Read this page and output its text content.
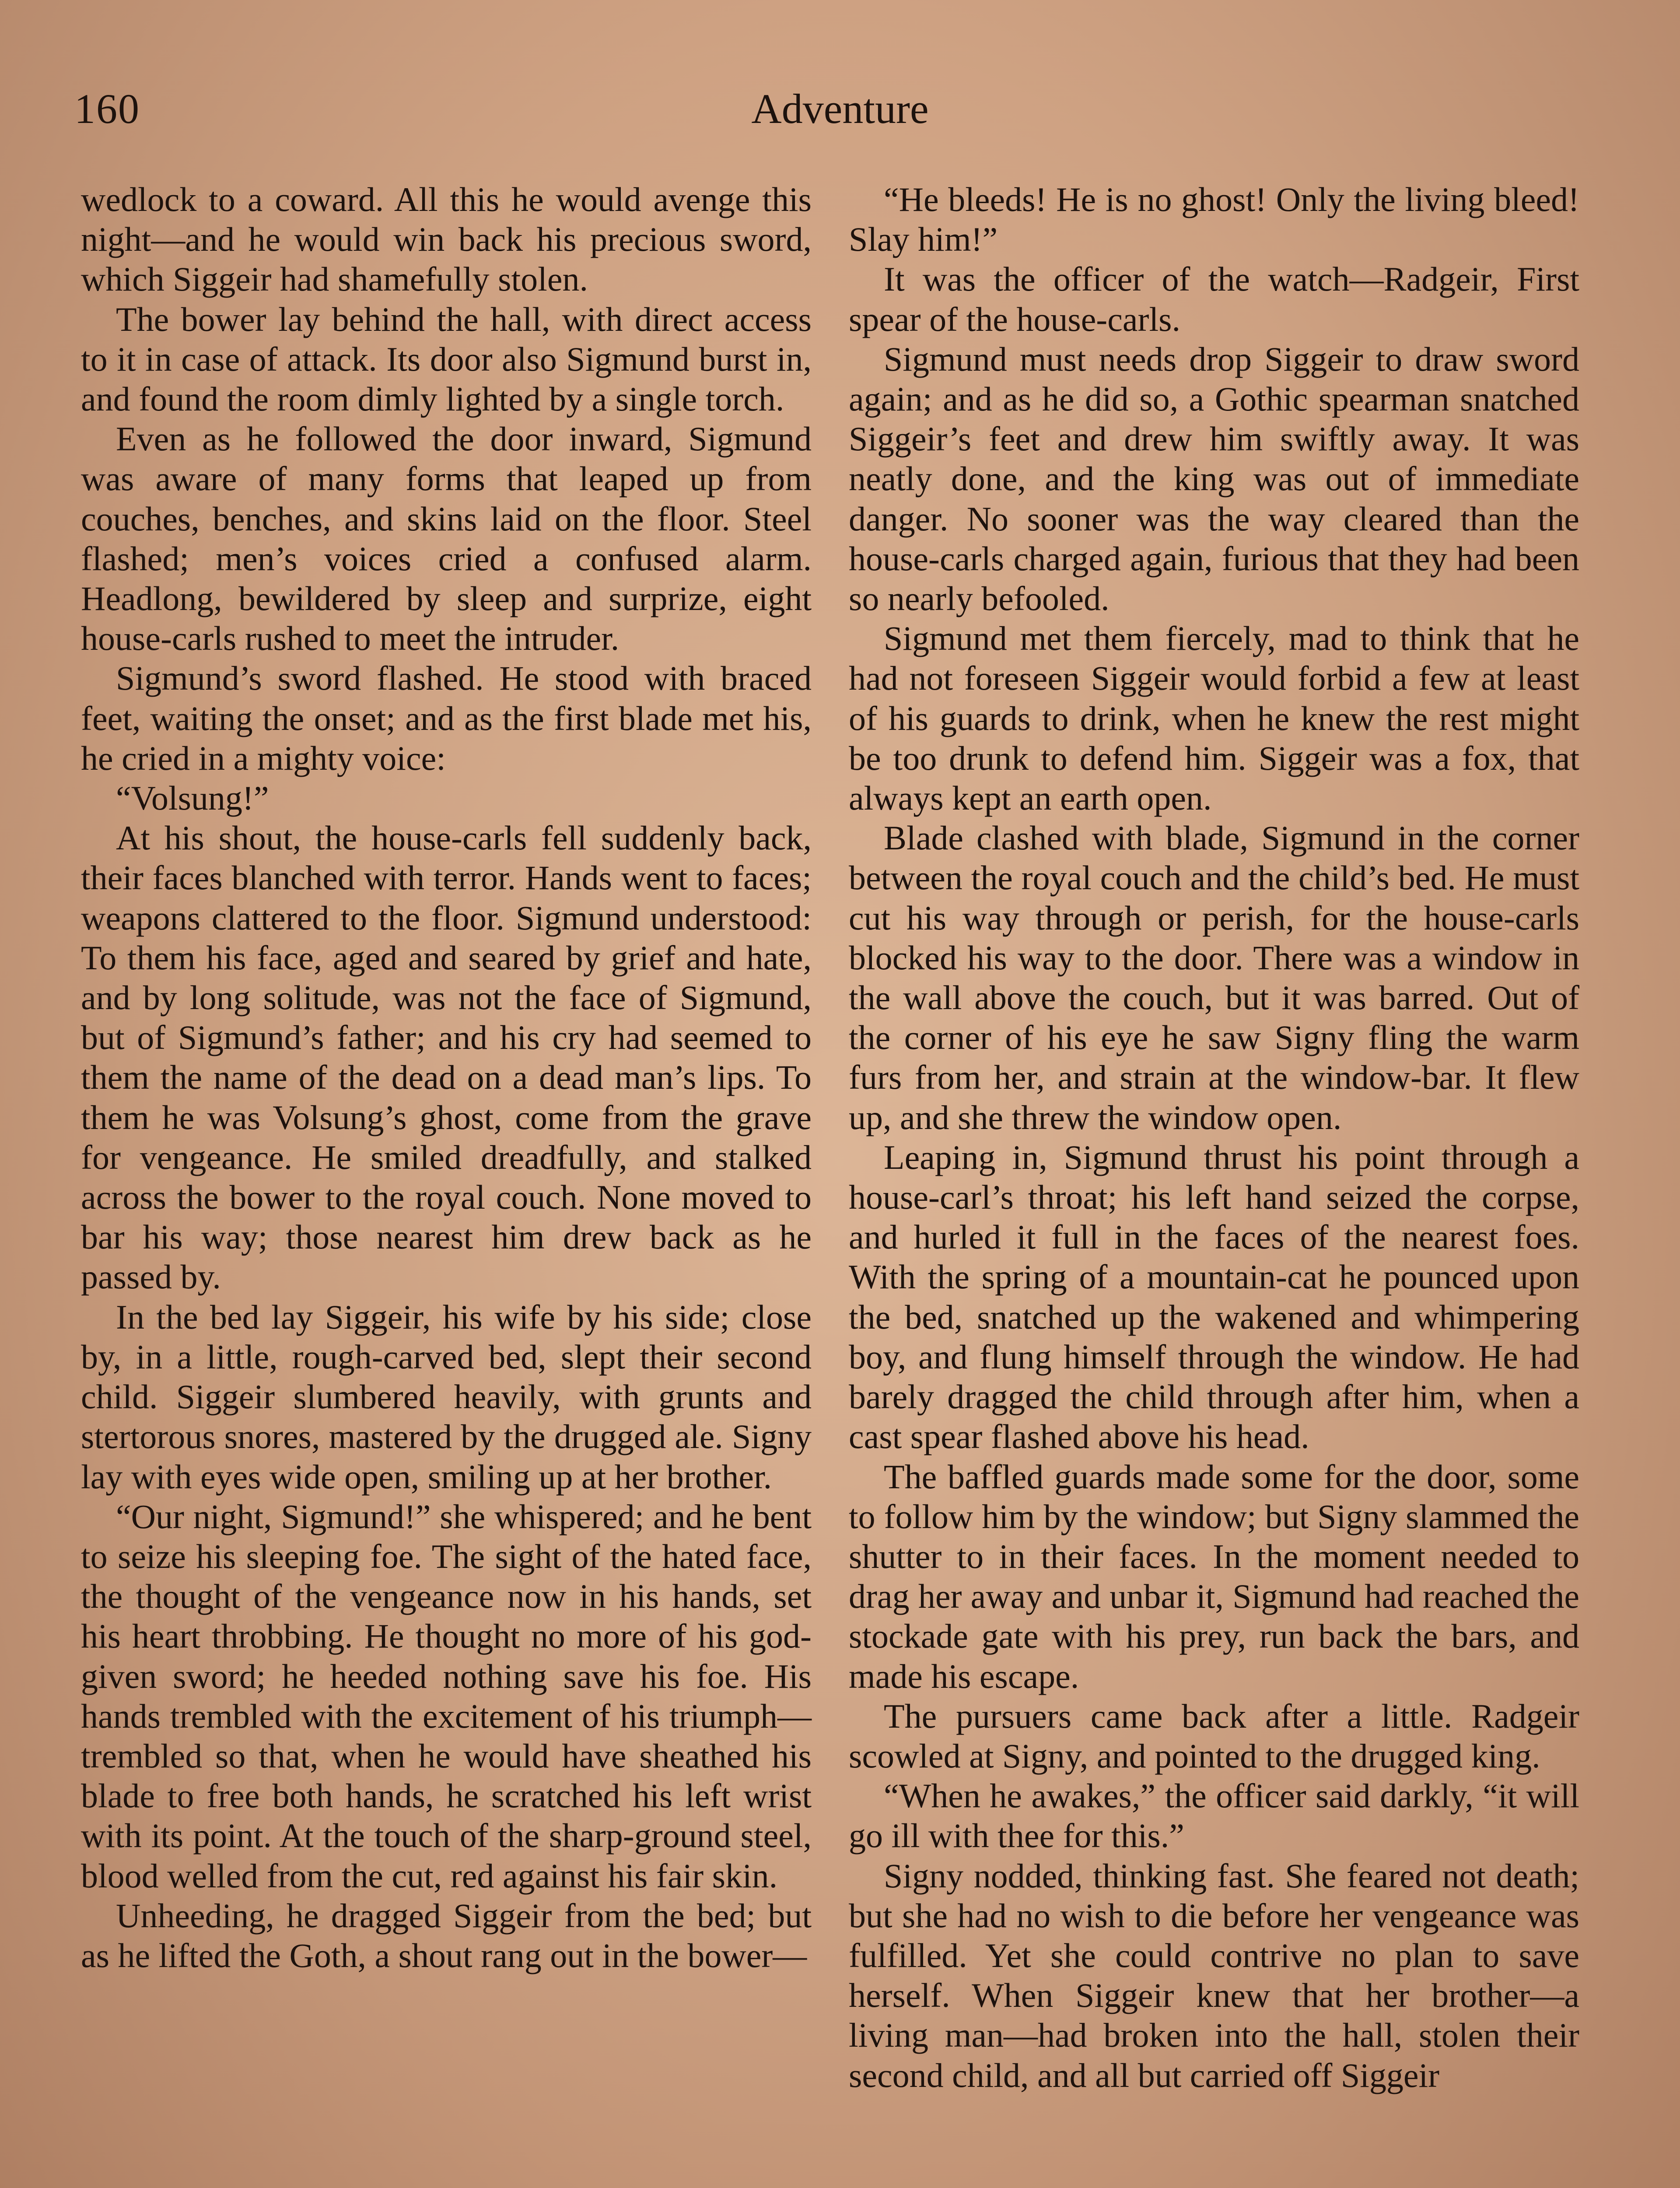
160	Adventure

wedlock to a coward. All this he would avenge this night—and he would win back his precious sword, which Siggeir had shamefully stolen.

The bower lay behind the hall, with direct access to it in case of attack. Its door also Sigmund burst in, and found the room dimly lighted by a single torch.

Even as he followed the door inward, Sigmund was aware of many forms that leaped up from couches, benches, and skins laid on the floor. Steel flashed; men’s voices cried a confused alarm. Headlong, bewildered by sleep and surprize, eight house-carls rushed to meet the intruder.

Sigmund’s sword flashed. He stood with braced feet, waiting the onset; and as the first blade met his, he cried in a mighty voice:

“Volsung!”

At his shout, the house-carls fell suddenly back, their faces blanched with terror. Hands went to faces; weapons clattered to the floor. Sigmund understood: To them his face, aged and seared by grief and hate, and by long solitude, was not the face of Sigmund, but of Sigmund’s father; and his cry had seemed to them the name of the dead on a dead man’s lips. To them he was Volsung’s ghost, come from the grave for vengeance. He smiled dreadfully, and stalked across the bower to the royal couch. None moved to bar his way; those nearest him drew back as he passed by.

In the bed lay Siggeir, his wife by his side; close by, in a little, rough-carved bed, slept their second child. Siggeir slumbered heavily, with grunts and stertorous snores, mastered by the drugged ale. Signy lay with eyes wide open, smiling up at her brother.

“Our night, Sigmund!” she whispered; and he bent to seize his sleeping foe. The sight of the hated face, the thought of the vengeance now in his hands, set his heart throbbing. He thought no more of his god-given sword; he heeded nothing save his foe. His hands trembled with the excitement of his triumph—trembled so that, when he would have sheathed his blade to free both hands, he scratched his left wrist with its point. At the touch of the sharp-ground steel, blood welled from the cut, red against his fair skin.

Unheeding, he dragged Siggeir from the bed; but as he lifted the Goth, a shout rang out in the bower—

“He bleeds! He is no ghost! Only the living bleed! Slay him!”

It was the officer of the watch—Radgeir, First spear of the house-carls.

Sigmund must needs drop Siggeir to draw sword again; and as he did so, a Gothic spearman snatched Siggeir’s feet and drew him swiftly away. It was neatly done, and the king was out of immediate danger. No sooner was the way cleared than the house-carls charged again, furious that they had been so nearly befooled.

Sigmund met them fiercely, mad to think that he had not foreseen Siggeir would forbid a few at least of his guards to drink, when he knew the rest might be too drunk to defend him. Siggeir was a fox, that always kept an earth open.

Blade clashed with blade, Sigmund in the corner between the royal couch and the child’s bed. He must cut his way through or perish, for the house-carls blocked his way to the door. There was a window in the wall above the couch, but it was barred. Out of the corner of his eye he saw Signy fling the warm furs from her, and strain at the window-bar. It flew up, and she threw the window open.

Leaping in, Sigmund thrust his point through a house-carl’s throat; his left hand seized the corpse, and hurled it full in the faces of the nearest foes. With the spring of a mountain-cat he pounced upon the bed, snatched up the wakened and whimpering boy, and flung himself through the window. He had barely dragged the child through after him, when a cast spear flashed above his head.

The baffled guards made some for the door, some to follow him by the window; but Signy slammed the shutter to in their faces. In the moment needed to drag her away and unbar it, Sigmund had reached the stockade gate with his prey, run back the bars, and made his escape.

The pursuers came back after a little. Radgeir scowled at Signy, and pointed to the drugged king.

“When he awakes,” the officer said darkly, “it will go ill with thee for this.”

Signy nodded, thinking fast. She feared not death; but she had no wish to die before her vengeance was fulfilled. Yet she could contrive no plan to save herself. When Siggeir knew that her brother—a living man—had broken into the hall, stolen their second child, and all but carried off Siggeir
